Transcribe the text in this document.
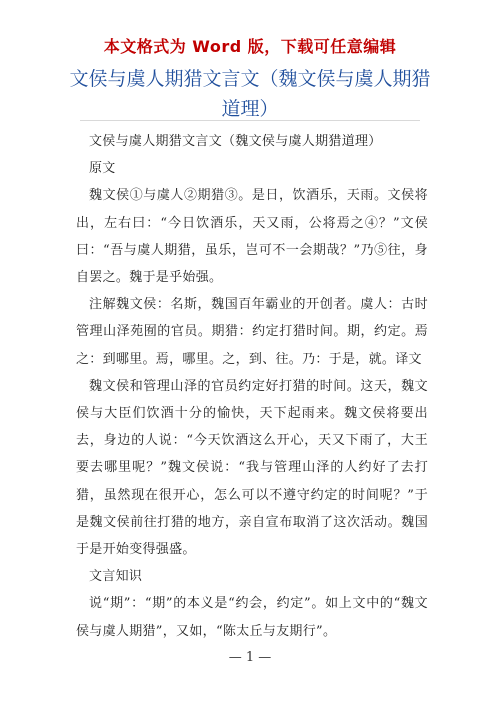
本文格式为 Word 版，下载可任意编辑
文侯与虞人期猎文言文（魏文侯与虞人期猎道理）

文侯与虞人期猎文言文（魏文侯与虞人期猎道理）

原文

魏文侯①与虞人②期猎③。是日，饮酒乐，天雨。文侯将出，左右曰：“今日饮酒乐，天又雨，公将焉之④？”文侯曰：“吾与虞人期猎，虽乐，岂可不一会期哉？”乃⑤往，身自罢之。魏于是乎始强。

注解魏文侯：名斯，魏国百年霸业的开创者。虞人：古时管理山泽苑囿的官员。期猎：约定打猎时间。期，约定。焉之：到哪里。焉，哪里。之，到、往。乃：于是，就。译文

魏文侯和管理山泽的官员约定好打猎的时间。这天，魏文侯与大臣们饮酒十分的愉快，天下起雨来。魏文侯将要出去，身边的人说：“今天饮酒这么开心，天又下雨了，大王要去哪里呢？”魏文侯说：“我与管理山泽的人约好了去打猎，虽然现在很开心，怎么可以不遵守约定的时间呢？”于是魏文侯前往打猎的地方，亲自宣布取消了这次活动。魏国于是开始变得强盛。

文言知识

说“期”：“期”的本义是“约会，约定”。如上文中的“魏文侯与虞人期猎”，又如，“陈太丘与友期行”。

— 1 —
